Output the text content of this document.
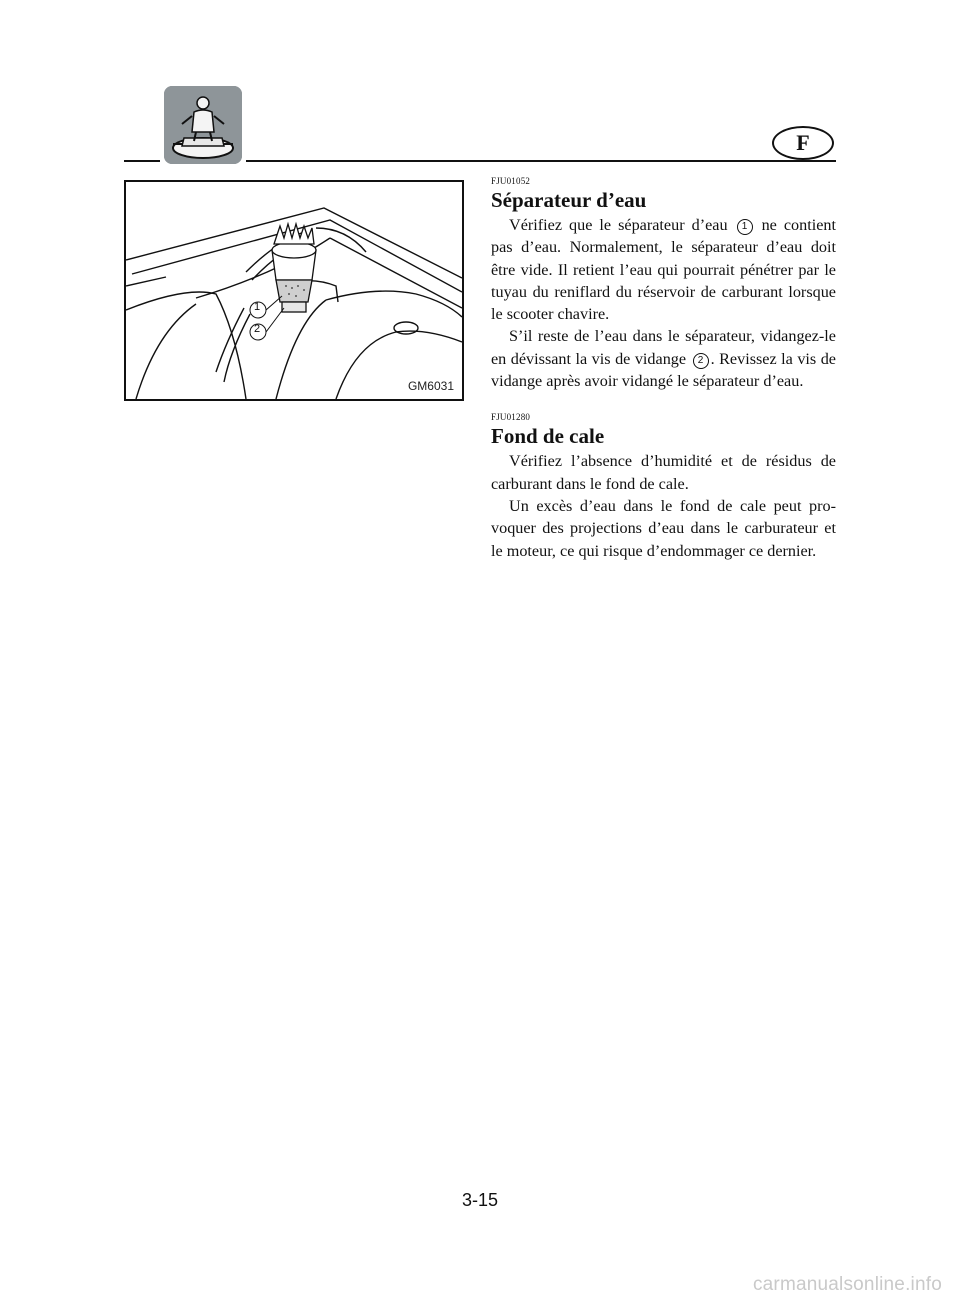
F
1
2
GM6031
FJU01052
Séparateur d’eau

Vérifiez que le séparateur d’eau 1 ne contient pas d’eau. Normalement, le séparateur d’eau doit être vide. Il retient l’eau qui pourrait pénétrer par le tuyau du reniflard du réservoir de carburant lorsque le scooter chavire.

S’il reste de l’eau dans le séparateur, vidangez-le en dévissant la vis de vidange 2 . Revissez la vis de vidange après avoir vidangé le séparateur d’eau.

FJU01280
Fond de cale

Vérifiez l’absence d’humidité et de résidus de carburant dans le fond de cale.

Un excès d’eau dans le fond de cale peut provoquer des projections d’eau dans le carburateur et le moteur, ce qui risque d’endommager ce dernier.

3-15
carmanualsonline.info
